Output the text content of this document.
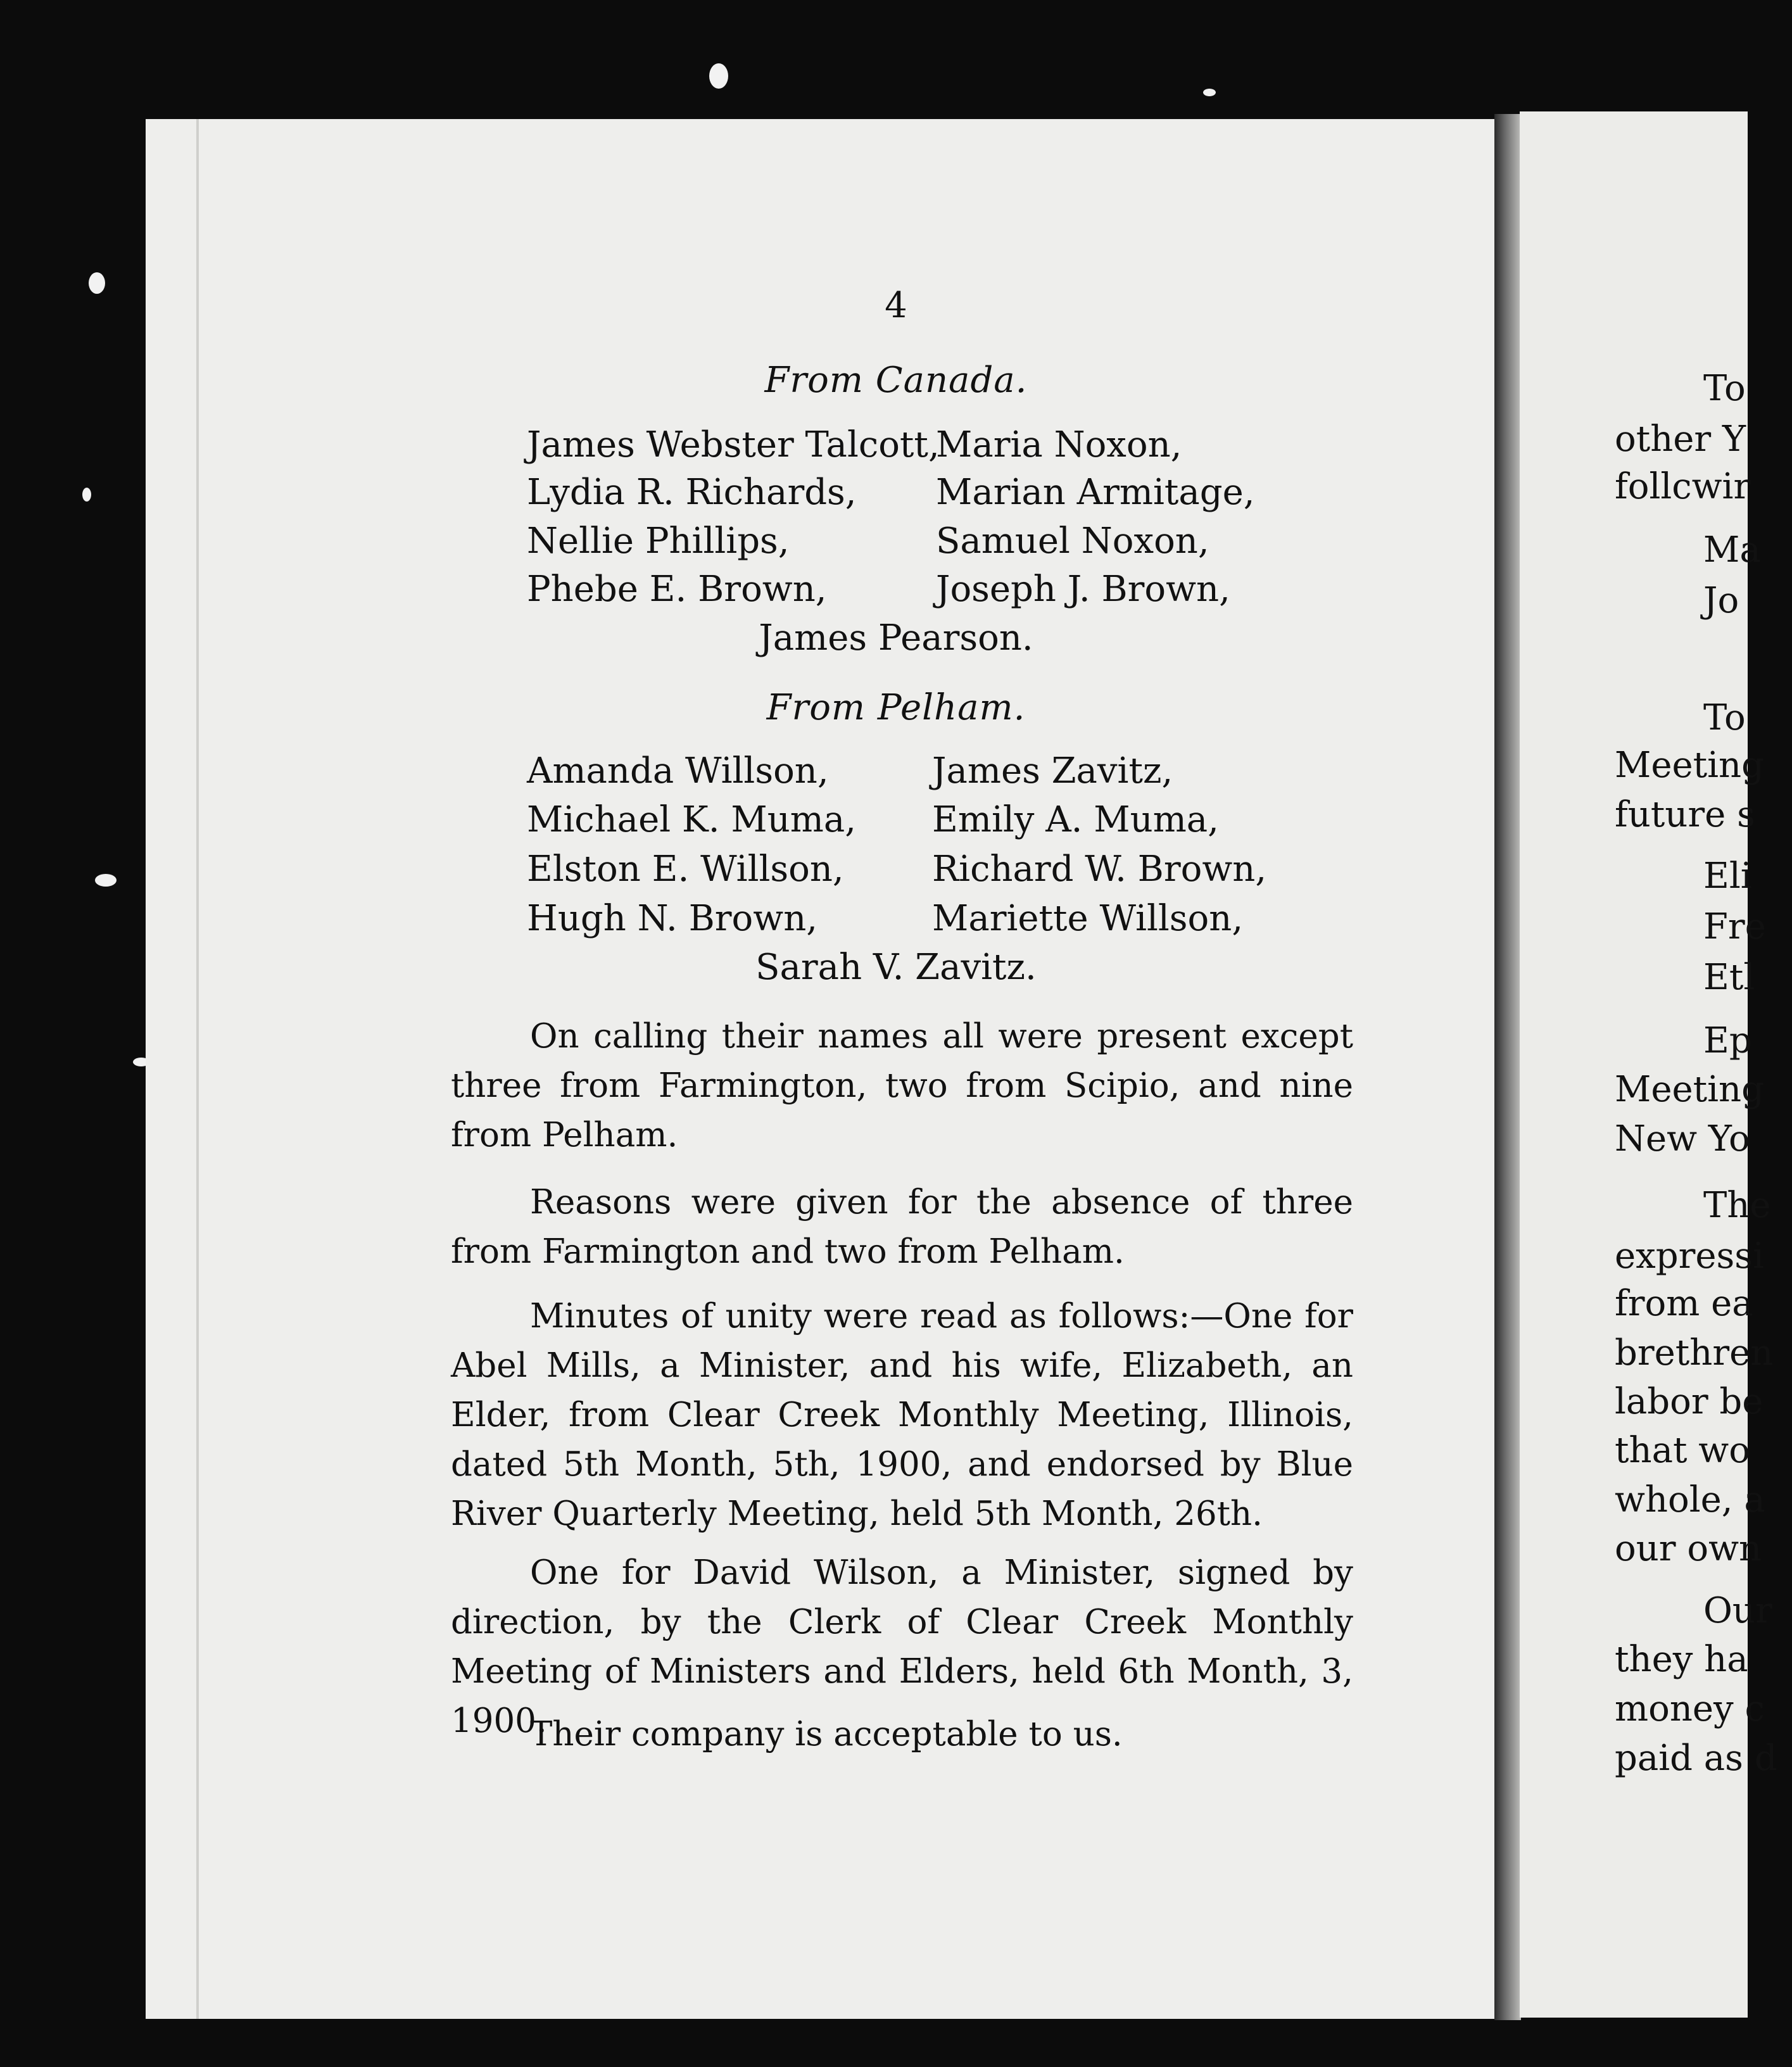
To
other Y
follcwir
Ma
Jo
To
Meeting
future s
Eli
Fre
Etl
Ep
Meeting
New Yo
The
expressi
from ea
brethren
labor be
that wo
whole, a
our own
Our
they ha
money c
paid as d
4
From Canada.
James Webster Talcott,
Lydia R. Richards,
Nellie Phillips,
Phebe E. Brown,
Maria Noxon,
Marian Armitage,
Samuel Noxon,
Joseph J. Brown,
James Pearson.
From Pelham.
Amanda Willson,
Michael K. Muma,
Elston E. Willson,
Hugh N. Brown,
James Zavitz,
Emily A. Muma,
Richard W. Brown,
Mariette Willson,
Sarah V. Zavitz.

On calling their names all were present except three from Farmington, two from Scipio, and nine from Pelham.

Reasons were given for the absence of three from Farmington and two from Pelham.

Minutes of unity were read as follows:—One for Abel Mills, a Minister, and his wife, Elizabeth, an Elder, from Clear Creek Monthly Meeting, Illinois, dated 5th Month, 5th, 1900, and endorsed by Blue River Quarterly Meeting, held 5th Month, 26th.

One for David Wilson, a Minister, signed by direction, by the Clerk of Clear Creek Monthly Meeting of Ministers and Elders, held 6th Month, 3, 1900.

Their company is acceptable to us.
